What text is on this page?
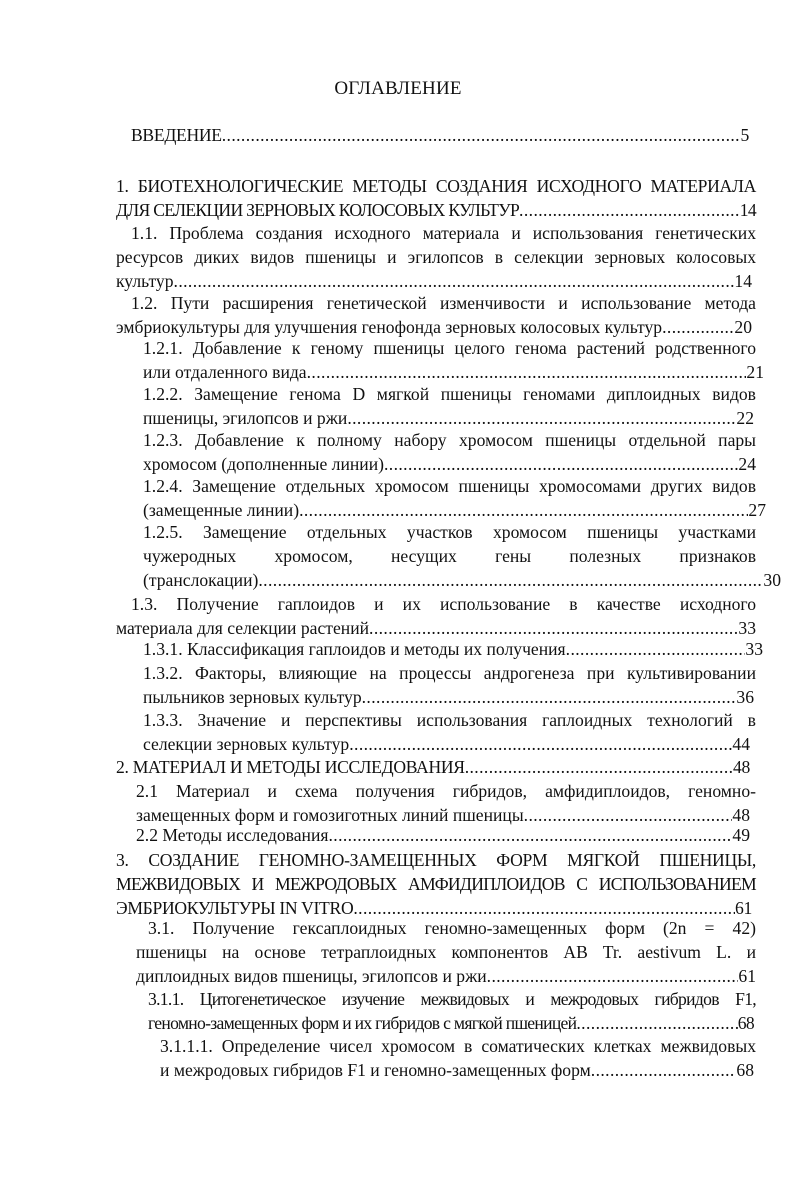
ОГЛАВЛЕНИЕ
ВВЕДЕНИЕ .....	5
1. БИОТЕХНОЛОГИЧЕСКИЕ МЕТОДЫ СОЗДАНИЯ ИСХОДНОГО МАТЕРИАЛА
ДЛЯ СЕЛЕКЦИИ ЗЕРНОВЫХ КОЛОСОВЫХ КУЛЬТУР .....	14
1.1. Проблема создания исходного материала и использования генетических
ресурсов диких видов пшеницы и эгилопсов в селекции зерновых колосовых
культур .....	14
1.2. Пути расширения генетической изменчивости и использование метода
эмбриокультуры для улучшения генофонда зерновых колосовых культур .....	20
1.2.1. Добавление к геному пшеницы целого генома растений родственного
или отдаленного вида .....	21
1.2.2. Замещение генома D мягкой пшеницы геномами диплоидных видов
пшеницы, эгилопсов и ржи .....	22
1.2.3. Добавление к полному набору хромосом пшеницы отдельной пары
хромосом (дополненные линии) .....	24
1.2.4. Замещение отдельных хромосом пшеницы хромосомами других видов
(замещенные линии) .....	27
1.2.5. Замещение отдельных участков хромосом пшеницы участками
чужеродных хромосом, несущих гены полезных признаков
(транслокации) .....	30
1.3. Получение гаплоидов и их использование в качестве исходного
материала для селекции растений .....	33
1.3.1. Классификация гаплоидов и методы их получения .....	33
1.3.2. Факторы, влияющие на процессы андрогенеза при культивировании
пыльников зерновых культур .....	36
1.3.3. Значение и перспективы использования гаплоидных технологий в
селекции зерновых культур .....	44
2. МАТЕРИАЛ И МЕТОДЫ ИССЛЕДОВАНИЯ .....	48
2.1 Материал и схема получения гибридов, амфидиплоидов, геномно-
замещенных форм и гомозиготных линий пшеницы .....	48
2.2 Методы исследования .....	49
3. СОЗДАНИЕ ГЕНОМНО-ЗАМЕЩЕННЫХ ФОРМ МЯГКОЙ ПШЕНИЦЫ,
МЕЖВИДОВЫХ И МЕЖРОДОВЫХ АМФИДИПЛОИДОВ С ИСПОЛЬЗОВАНИЕМ
ЭМБРИОКУЛЬТУРЫ IN VITRO .....	61
3.1. Получение гексаплоидных геномно-замещенных форм (2n = 42)
пшеницы на основе тетраплоидных компонентов AB Tr. aestivum L. и
диплоидных видов пшеницы, эгилопсов и ржи .....	61
3.1.1. Цитогенетическое изучение межвидовых и межродовых гибридов F1,
геномно-замещенных форм и их гибридов с мягкой пшеницей .....	68
3.1.1.1. Определение чисел хромосом в соматических клетках межвидовых
и межродовых гибридов F1 и геномно-замещенных форм .....	68
